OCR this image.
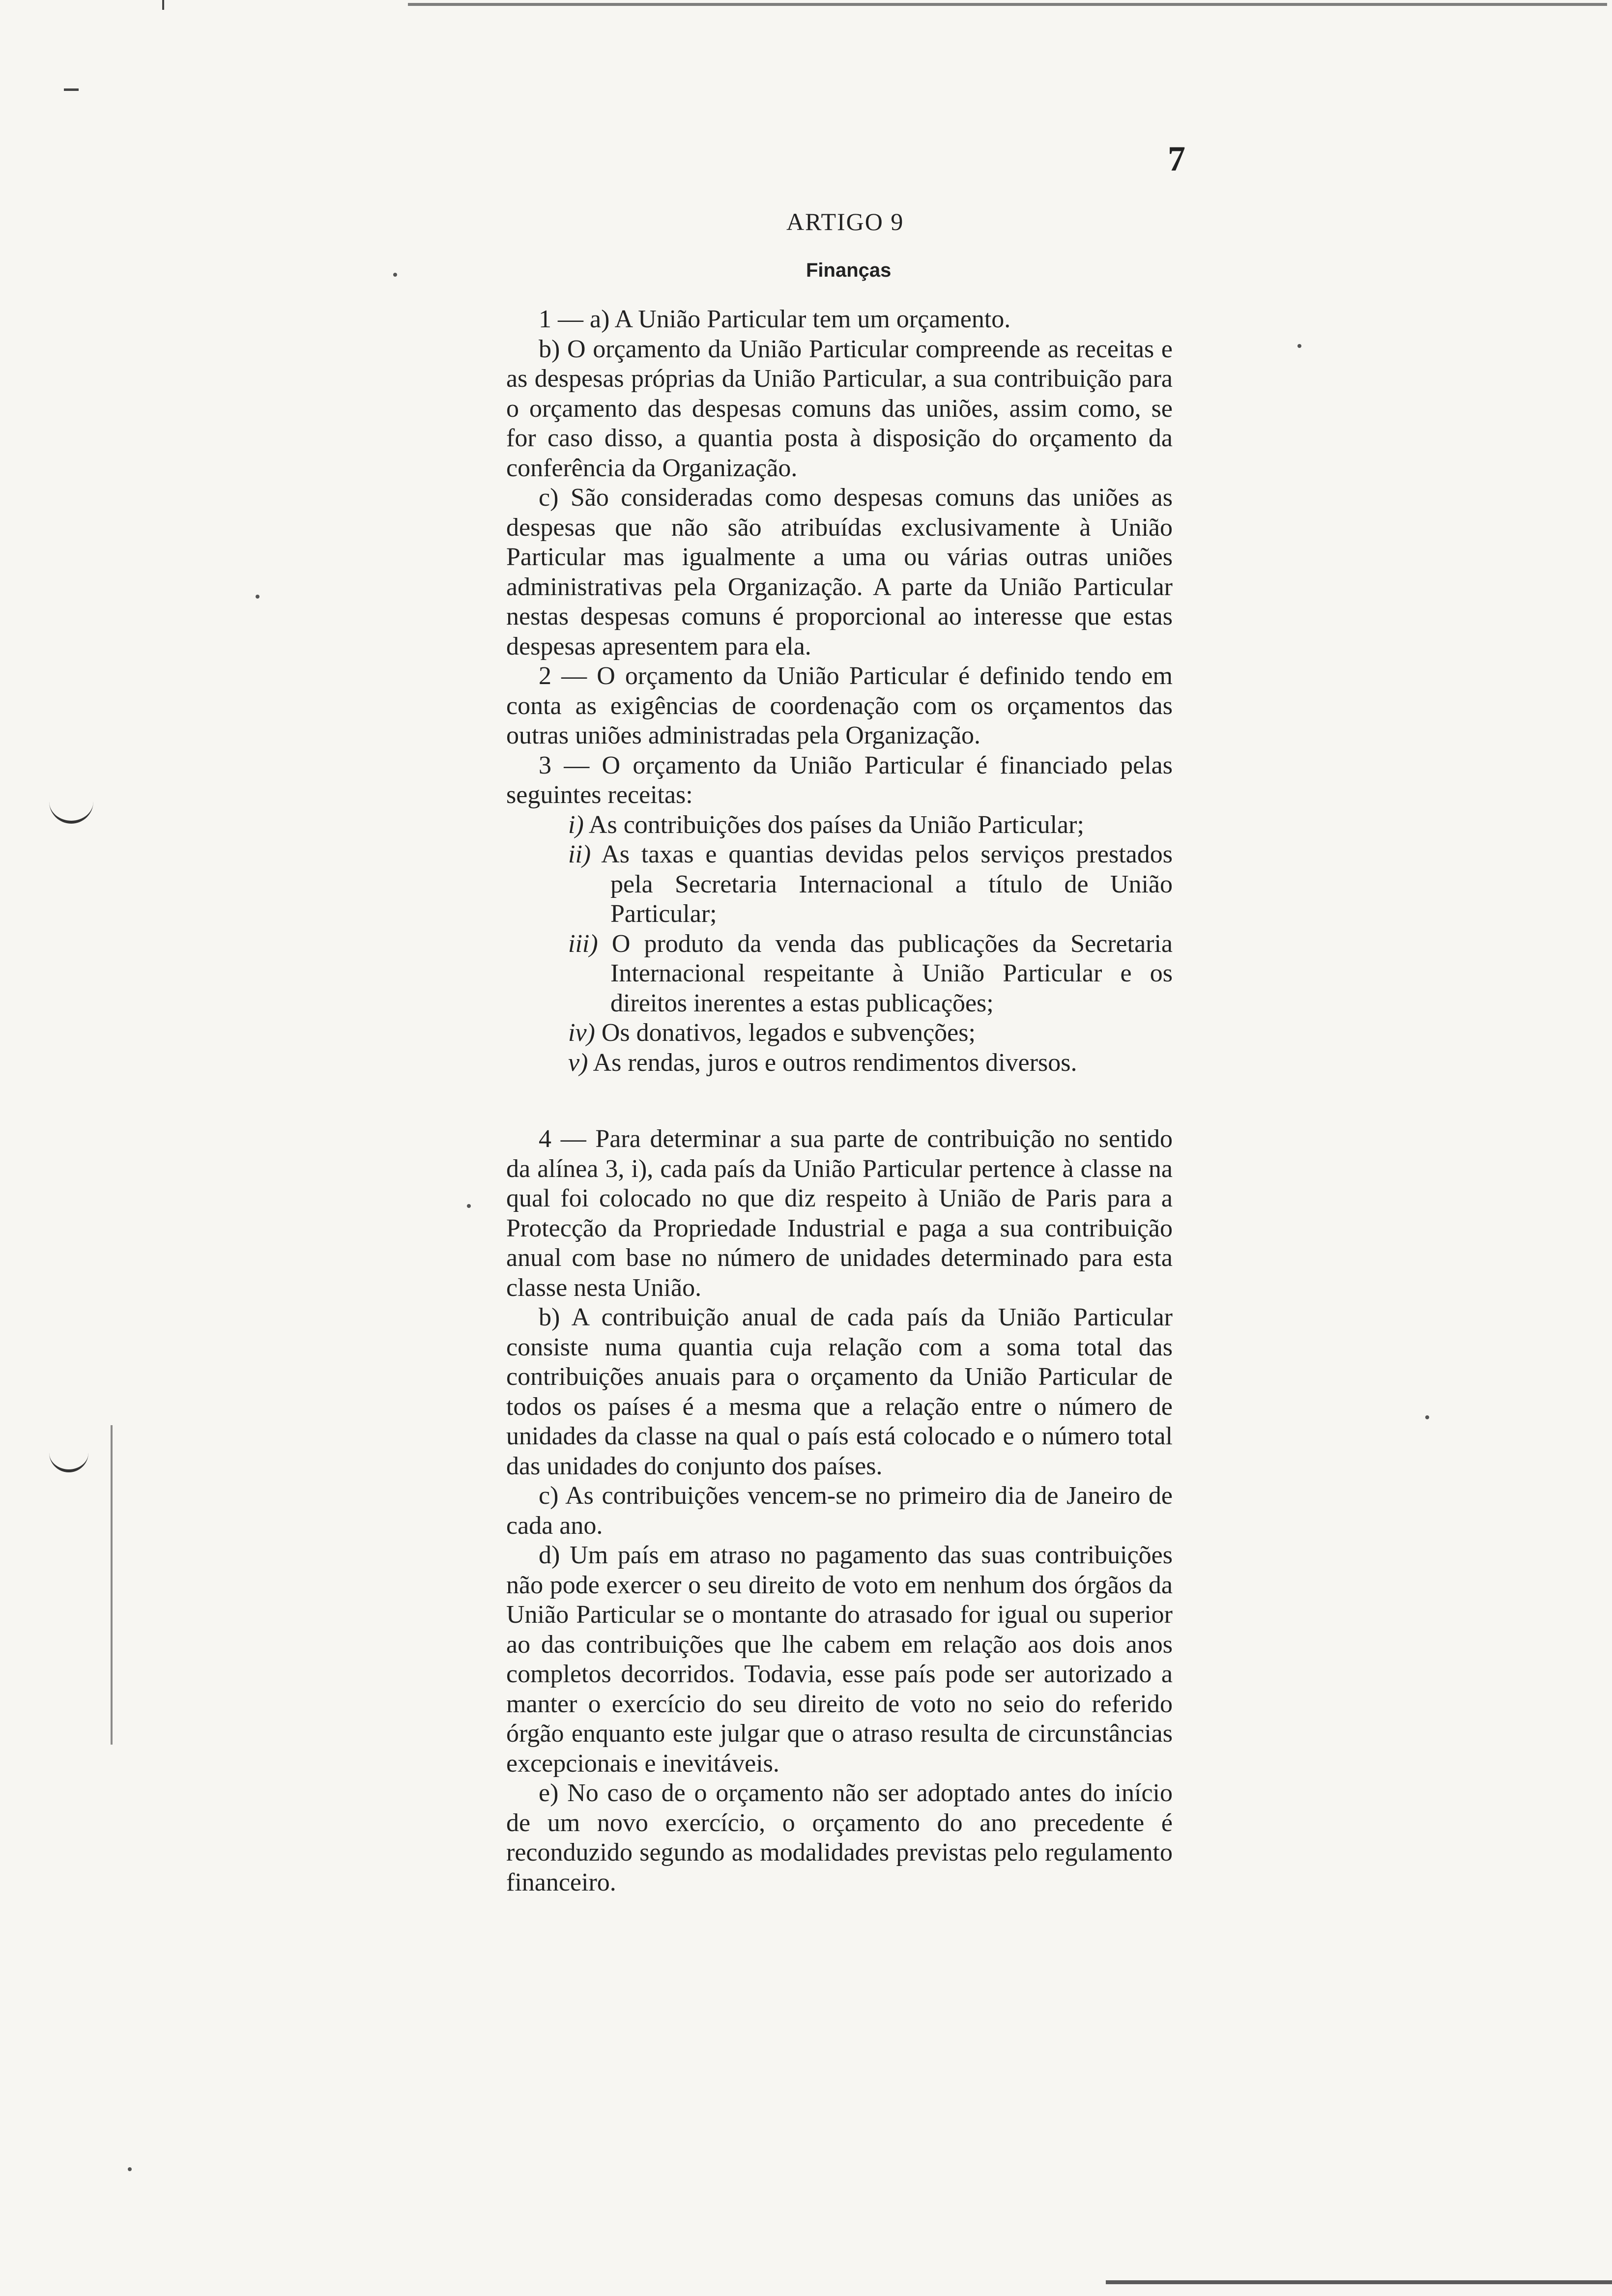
7
ARTIGO 9
Finanças

1 — a) A União Particular tem um orçamento.

b) O orçamento da União Particular compreende as receitas e as despesas próprias da União Particular, a sua contribuição para o orçamento das despesas comuns das uniões, assim como, se for caso disso, a quantia posta à disposição do orçamento da conferência da Organização.

c) São consideradas como despesas comuns das uniões as despesas que não são atribuídas exclusivamente à União Particular mas igualmente a uma ou várias outras uniões administrativas pela Organização. A parte da União Particular nestas despesas comuns é proporcional ao interesse que estas despesas apresentem para ela.

2 — O orçamento da União Particular é definido tendo em conta as exigências de coordenação com os orçamentos das outras uniões administradas pela Organização.

3 — O orçamento da União Particular é financiado pelas seguintes receitas:

i) As contribuições dos países da União Particular;
ii) As taxas e quantias devidas pelos serviços prestados pela Secretaria Internacional a título de União Particular;
iii) O produto da venda das publicações da Secretaria Internacional respeitante à União Particular e os direitos inerentes a estas publicações;
iv) Os donativos, legados e subvenções;
v) As rendas, juros e outros rendimentos diversos.

4 — Para determinar a sua parte de contribuição no sentido da alínea 3, i), cada país da União Particular pertence à classe na qual foi colocado no que diz respeito à União de Paris para a Protecção da Propriedade Industrial e paga a sua contribuição anual com base no número de unidades determinado para esta classe nesta União.

b) A contribuição anual de cada país da União Particular consiste numa quantia cuja relação com a soma total das contribuições anuais para o orçamento da União Particular de todos os países é a mesma que a relação entre o número de unidades da classe na qual o país está colocado e o número total das unidades do conjunto dos países.

c) As contribuições vencem-se no primeiro dia de Janeiro de cada ano.

d) Um país em atraso no pagamento das suas contribuições não pode exercer o seu direito de voto em nenhum dos órgãos da União Particular se o montante do atrasado for igual ou superior ao das contribuições que lhe cabem em relação aos dois anos completos decorridos. Todavia, esse país pode ser autorizado a manter o exercício do seu direito de voto no seio do referido órgão enquanto este julgar que o atraso resulta de circunstâncias excepcionais e inevitáveis.

e) No caso de o orçamento não ser adoptado antes do início de um novo exercício, o orçamento do ano precedente é reconduzido segundo as modalidades previstas pelo regulamento financeiro.
